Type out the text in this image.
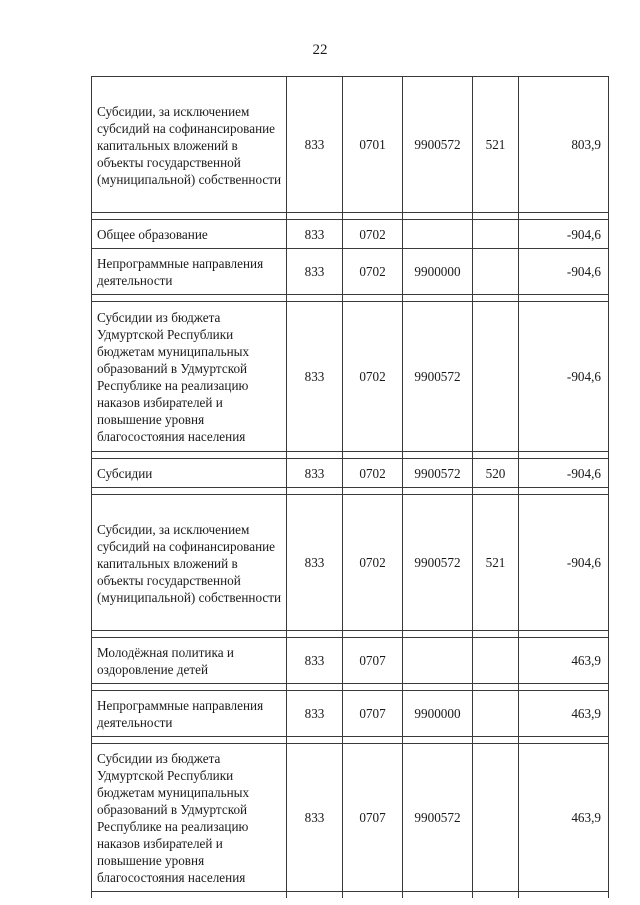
22
Субсидии, за исключением субсидий на софинансирование капитальных вложений в объекты государственной (муниципальной) собственности	833	0701	9900572	521	803,9

Общее образование	833	0702			-904,6
Непрограммные направления деятельности	833	0702	9900000		-904,6

Субсидии из бюджета Удмуртской Республики бюджетам муниципальных образований в Удмуртской Республике на реализацию наказов избирателей и повышение уровня благосостояния населения	833	0702	9900572		-904,6

Субсидии	833	0702	9900572	520	-904,6

Субсидии, за исключением субсидий на софинансирование капитальных вложений в объекты государственной (муниципальной) собственности	833	0702	9900572	521	-904,6

Молодёжная политика и оздоровление детей	833	0707			463,9

Непрограммные направления деятельности	833	0707	9900000		463,9

Субсидии из бюджета Удмуртской Республики бюджетам муниципальных образований в Удмуртской Республике на реализацию наказов избирателей и повышение уровня благосостояния населения	833	0707	9900572		463,9
